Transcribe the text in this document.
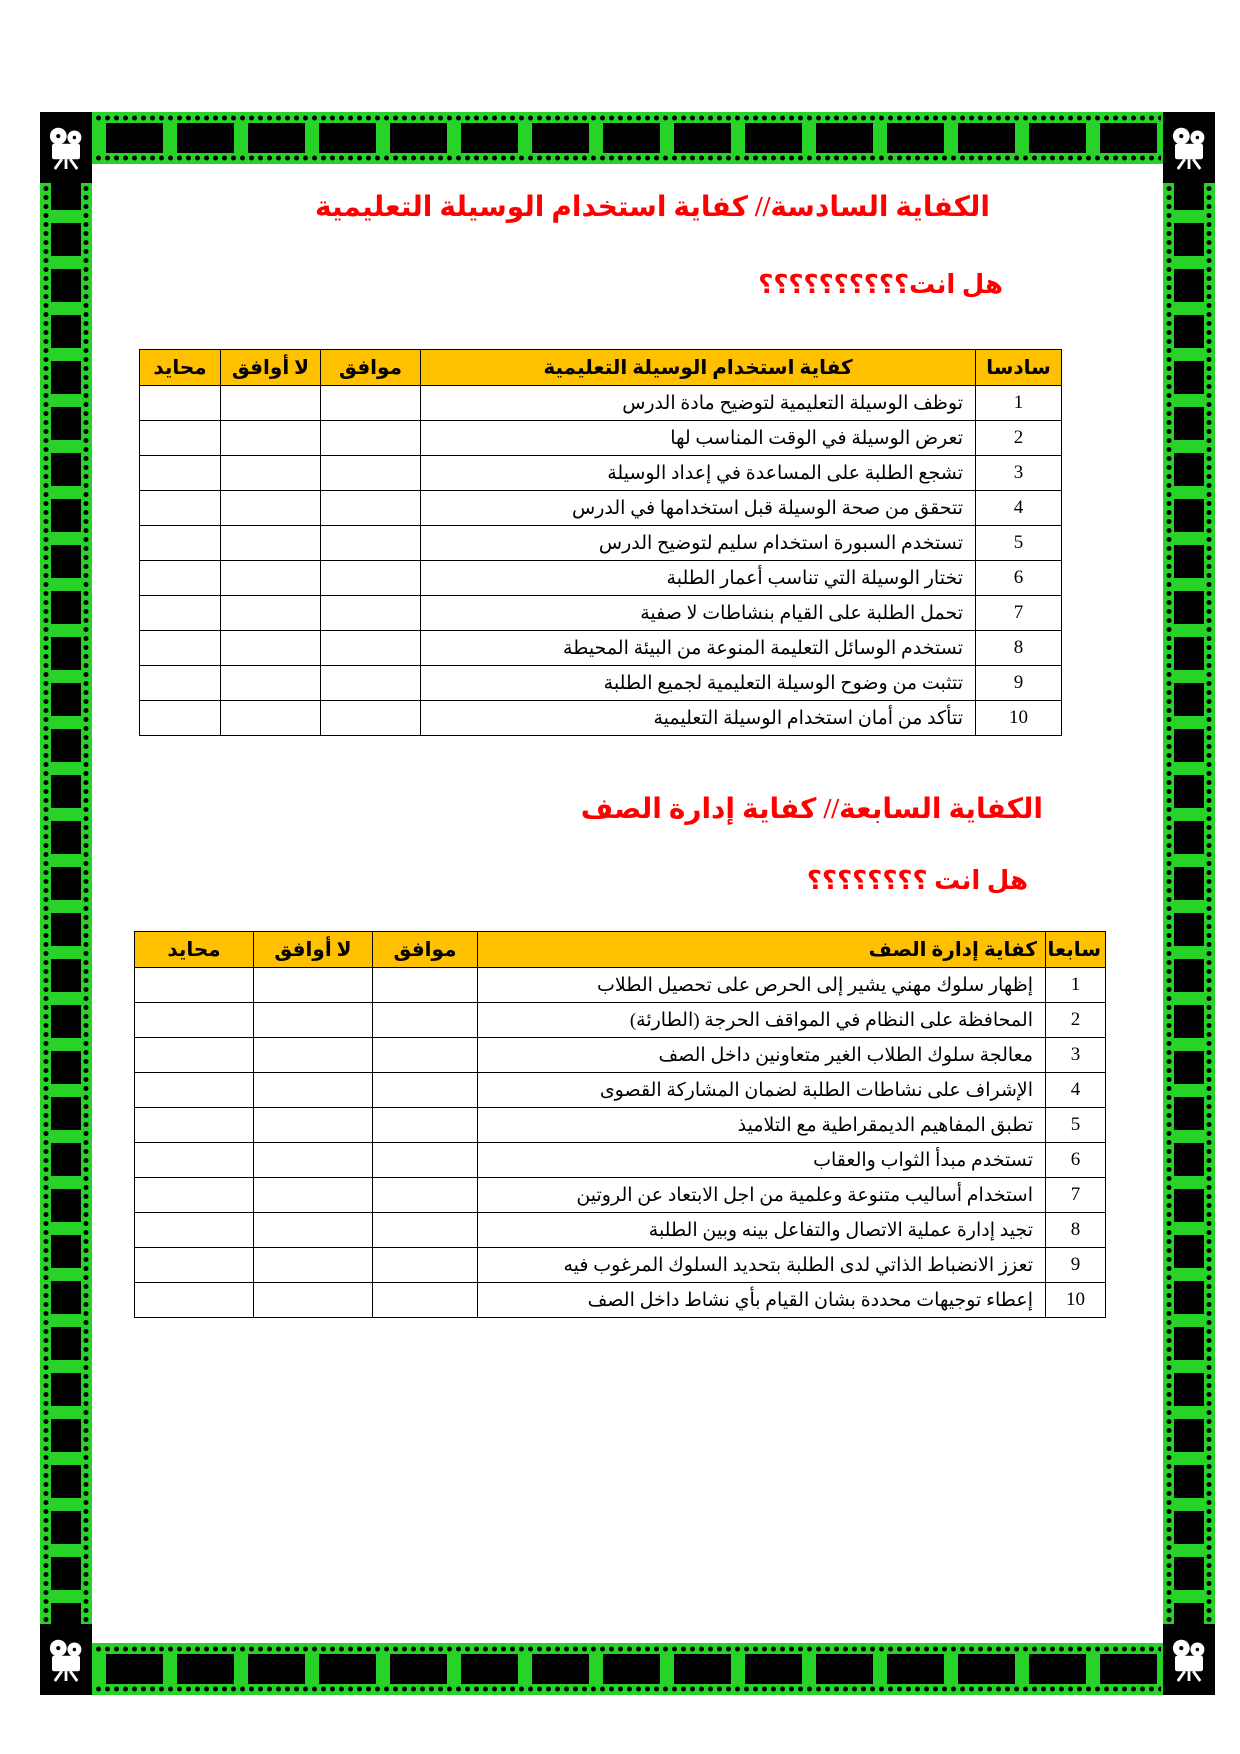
الكفاية السادسة// كفاية استخدام الوسيلة التعليمية
هل انت؟؟؟؟؟؟؟؟؟؟
سادسا	كفاية استخدام الوسيلة التعليمية	موافق	لا أوافق	محايد
1	توظف الوسيلة التعليمية لتوضيح مادة الدرس			
2	تعرض الوسيلة في الوقت المناسب لها			
3	تشجع الطلبة على المساعدة في إعداد الوسيلة			
4	تتحقق من صحة الوسيلة قبل استخدامها في الدرس			
5	تستخدم السبورة استخدام سليم لتوضيح الدرس			
6	تختار الوسيلة التي تناسب أعمار الطلبة			
7	تحمل الطلبة على القيام بنشاطات لا صفية			
8	تستخدم الوسائل التعليمة المنوعة من البيئة المحيطة			
9	تتثبت من وضوح الوسيلة التعليمية لجميع الطلبة			
10	تتأكد من أمان استخدام الوسيلة التعليمية			
الكفاية السابعة// كفاية إدارة الصف
هل انت ؟؟؟؟؟؟؟؟
سابعا	كفاية إدارة الصف	موافق	لا أوافق	محايد
1	إظهار سلوك مهني يشير إلى الحرص على تحصيل الطلاب			
2	المحافظة على النظام في المواقف الحرجة (الطارئة)			
3	معالجة سلوك الطلاب الغير متعاونين داخل الصف			
4	الإشراف على نشاطات الطلبة لضمان المشاركة القصوى			
5	تطبق المفاهيم الديمقراطية مع التلاميذ			
6	تستخدم مبدأ الثواب والعقاب			
7	استخدام أساليب متنوعة وعلمية من اجل الابتعاد عن الروتين			
8	تجيد إدارة عملية الاتصال والتفاعل بينه وبين الطلبة			
9	تعزز الانضباط الذاتي لدى الطلبة بتحديد السلوك المرغوب فيه			
10	إعطاء توجيهات محددة بشان القيام بأي نشاط داخل الصف			
